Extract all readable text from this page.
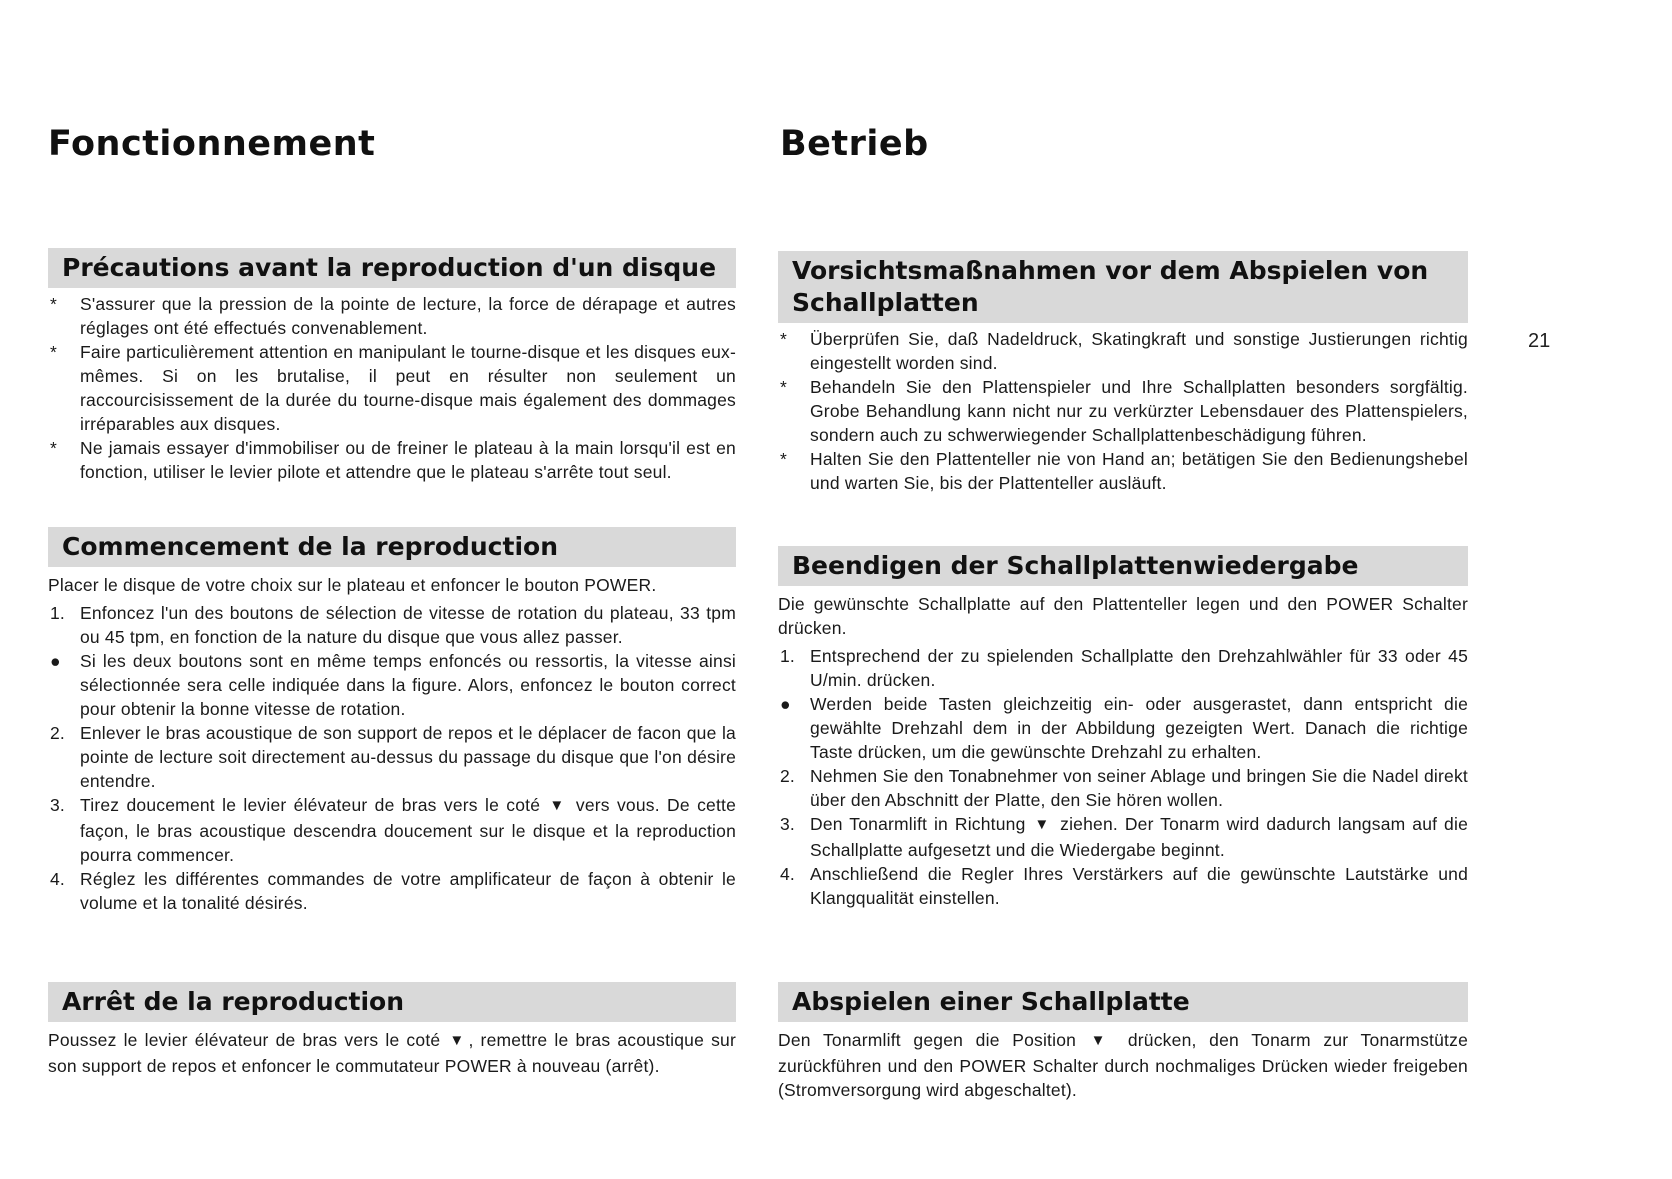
Fonctionnement
Précautions avant la reproduction d'un disque
*	S'assurer que la pression de la pointe de lecture, la force de dérapage et autres réglages ont été effectués convenablement.
*	Faire particulièrement attention en manipulant le tourne-disque et les disques eux-mêmes. Si on les brutalise, il peut en résulter non seulement un raccourcisissement de la durée du tourne-disque mais également des dommages irréparables aux disques.
*	Ne jamais essayer d'immobiliser ou de freiner le plateau à la main lorsqu'il est en fonction, utiliser le levier pilote et attendre que le plateau s'arrête tout seul.
Commencement de la reproduction

Placer le disque de votre choix sur le plateau et enfoncer le bouton POWER.

1. Enfoncez l'un des boutons de sélection de vitesse de rotation du plateau, 33 tpm ou 45 tpm, en fonction de la nature du disque que vous allez passer.
●	Si les deux boutons sont en même temps enfoncés ou ressortis, la vitesse ainsi sélectionnée sera celle indiquée dans la figure. Alors, enfoncez le bouton correct pour obtenir la bonne vitesse de rotation.
2. Enlever le bras acoustique de son support de repos et le déplacer de facon que la pointe de lecture soit directement au-dessus du passage du disque que l'on désire entendre.
3. Tirez doucement le levier élévateur de bras vers le coté ▼ vers vous. De cette façon, le bras acoustique descendra doucement sur le disque et la reproduction pourra commencer.
4. Réglez les différentes commandes de votre amplificateur de façon à obtenir le volume et la tonalité désirés.
Arrêt de la reproduction

Poussez le levier élévateur de bras vers le coté ▼ , remettre le bras acoustique sur son support de repos et enfoncer le commutateur POWER à nouveau (arrêt).

Betrieb
Vorsichtsmaßnahmen vor dem Abspielen von Schallplatten
*	Überprüfen Sie, daß Nadeldruck, Skatingkraft und sonstige Justierungen richtig eingestellt worden sind.
*	Behandeln Sie den Plattenspieler und Ihre Schallplatten besonders sorgfältig. Grobe Behandlung kann nicht nur zu verkürzter Lebensdauer des Plattenspielers, sondern auch zu schwerwiegender Schallplattenbeschädigung führen.
*	Halten Sie den Plattenteller nie von Hand an; betätigen Sie den Bedienungshebel und warten Sie, bis der Plattenteller ausläuft.
Beendigen der Schallplattenwiedergabe

Die gewünschte Schallplatte auf den Plattenteller legen und den POWER Schalter drücken.

1. Entsprechend der zu spielenden Schallplatte den Drehzahlwähler für 33 oder 45 U/min. drücken.
●	Werden beide Tasten gleichzeitig ein- oder ausgerastet, dann entspricht die gewählte Drehzahl dem in der Abbildung gezeigten Wert. Danach die richtige Taste drücken, um die gewünschte Drehzahl zu erhalten.
2. Nehmen Sie den Tonabnehmer von seiner Ablage und bringen Sie die Nadel direkt über den Abschnitt der Platte, den Sie hören wollen.
3. Den Tonarmlift in Richtung ▼ ziehen. Der Tonarm wird dadurch langsam auf die Schallplatte aufgesetzt und die Wiedergabe beginnt.
4. Anschließend die Regler Ihres Verstärkers auf die gewünschte Lautstärke und Klangqualität einstellen.
Abspielen einer Schallplatte

Den Tonarmlift gegen die Position ▼ drücken, den Tonarm zur Tonarmstütze zurückführen und den POWER Schalter durch nochmaliges Drücken wieder freigeben (Stromversorgung wird abgeschaltet).

21
